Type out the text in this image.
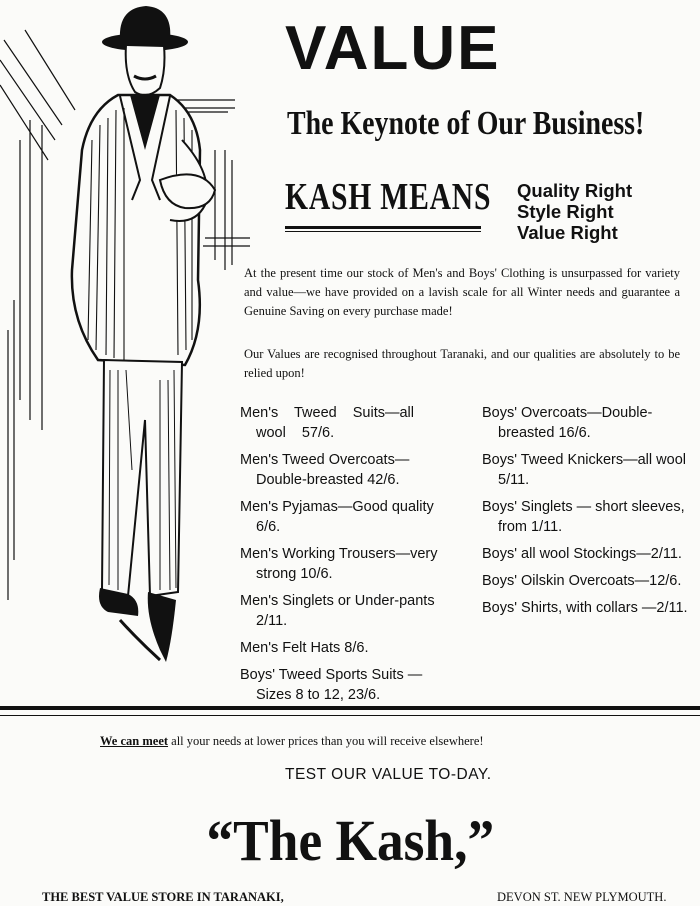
VALUE
The Keynote of Our Business!
KASH MEANS Quality Right
Style Right
Value Right

At the present time our stock of Men's and Boys' Clothing is unsurpassed for variety and value—we have provided on a lavish scale for all Winter needs and guarantee a Genuine Saving on every purchase made!

Our Values are recognised throughout Taranaki, and our qualities are absolutely to be relied upon!

Men's Tweed Suits—all wool 57/6.
Men's Tweed Overcoats—Double-breasted 42/6.
Men's Pyjamas—Good quality 6/6.
Men's Working Trousers—very strong 10/6.
Men's Singlets or Under-pants 2/11.
Men's Felt Hats 8/6.
Boys' Tweed Sports Suits —Sizes 8 to 12, 23/6.
Boys' Overcoats—Double-breasted 16/6.
Boys' Tweed Knickers—all wool 5/11.
Boys' Singlets — short sleeves, from 1/11.
Boys' all wool Stockings—2/11.
Boys' Oilskin Overcoats—12/6.
Boys' Shirts, with collars —2/11.

We can meet all your needs at lower prices than you will receive elsewhere!

TEST OUR VALUE TO-DAY.

“The Kash,”

THE BEST VALUE STORE IN TARANAKI,	DEVON ST. NEW PLYMOUTH.
